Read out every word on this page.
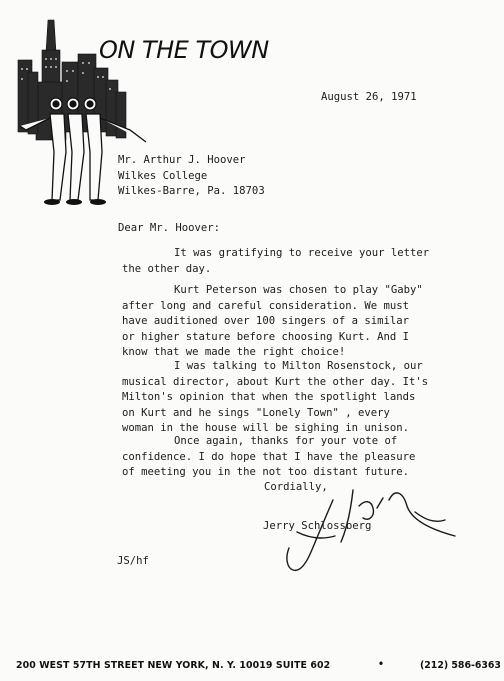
ON THE TOWN
August 26, 1971
Mr. Arthur J. Hoover
Wilkes College
Wilkes-Barre, Pa. 18703
Dear Mr. Hoover:
It was gratifying to receive your letter
the other day.
Kurt Peterson was chosen to play "Gaby"
after long and careful consideration. We must
have auditioned over 100 singers of a similar
or higher stature before choosing Kurt. And I
know that we made the right choice!
I was talking to Milton Rosenstock, our
musical director, about Kurt the other day. It's
Milton's opinion that when the spotlight lands
on Kurt and he sings "Lonely Town" , every
woman in the house will be sighing in unison.
Once again, thanks for your vote of
confidence. I do hope that I have the pleasure
of meeting you in the not too distant future.
Cordially,
Jerry Schlossberg
JS/hf
200 WEST 57TH STREET NEW YORK, N. Y. 10019 SUITE 602	•	(212) 586-6363
